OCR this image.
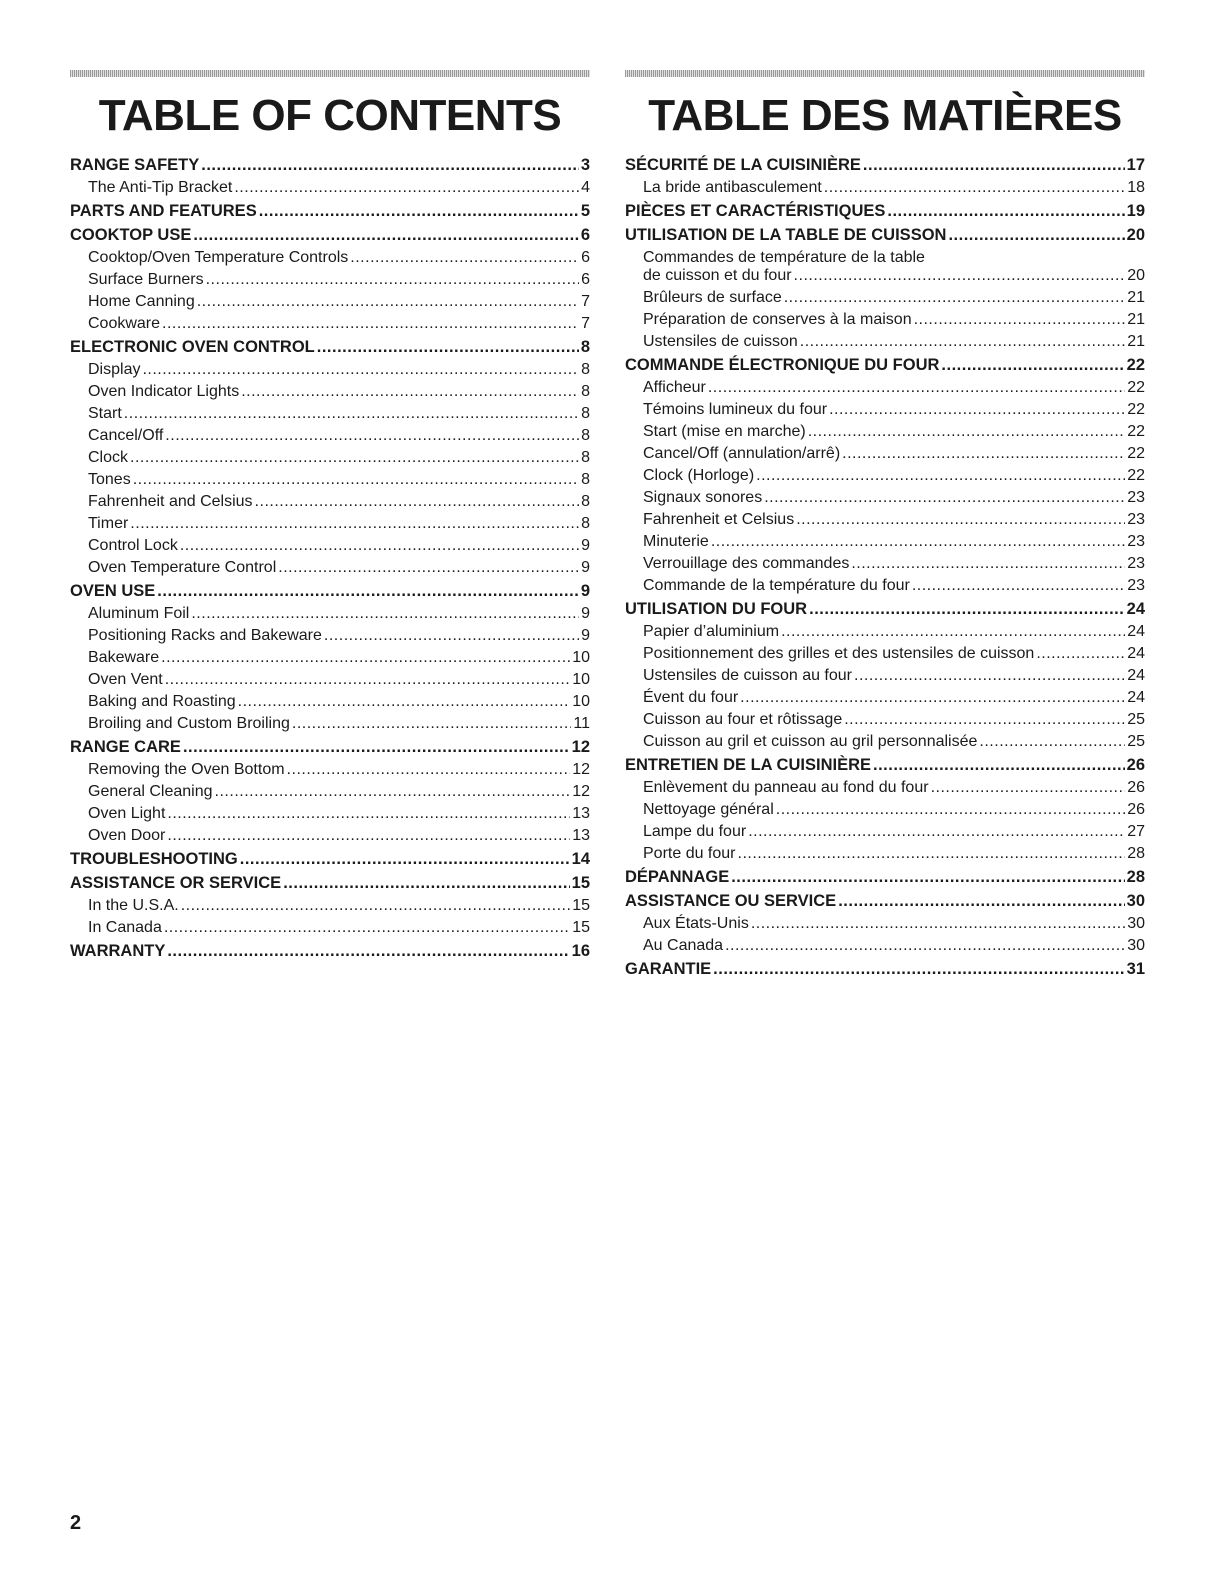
TABLE OF CONTENTS
RANGE SAFETY .....	3
The Anti-Tip Bracket .....	4
PARTS AND FEATURES .....	5
COOKTOP USE .....	6
Cooktop/Oven Temperature Controls .....	6
Surface Burners .....	6
Home Canning .....	7
Cookware .....	7
ELECTRONIC OVEN CONTROL .....	8
Display .....	8
Oven Indicator Lights .....	8
Start .....	8
Cancel/Off .....	8
Clock .....	8
Tones .....	8
Fahrenheit and Celsius .....	8
Timer .....	8
Control Lock .....	9
Oven Temperature Control .....	9
OVEN USE .....	9
Aluminum Foil .....	9
Positioning Racks and Bakeware .....	9
Bakeware .....	10
Oven Vent .....	10
Baking and Roasting .....	10
Broiling and Custom Broiling .....	11
RANGE CARE .....	12
Removing the Oven Bottom .....	12
General Cleaning .....	12
Oven Light .....	13
Oven Door .....	13
TROUBLESHOOTING .....	14
ASSISTANCE OR SERVICE .....	15
In the U.S.A. .....	15
In Canada .....	15
WARRANTY .....	16
TABLE DES MATIÈRES
SÉCURITÉ DE LA CUISINIÈRE .....	17
La bride antibasculement .....	18
PIÈCES ET CARACTÉRISTIQUES .....	19
UTILISATION DE LA TABLE DE CUISSON .....	20
Commandes de température de la table
de cuisson et du four .....	20
Brûleurs de surface .....	21
Préparation de conserves à la maison .....	21
Ustensiles de cuisson .....	21
COMMANDE ÉLECTRONIQUE DU FOUR .....	22
Afficheur .....	22
Témoins lumineux du four .....	22
Start (mise en marche) .....	22
Cancel/Off (annulation/arrê) .....	22
Clock (Horloge) .....	22
Signaux sonores .....	23
Fahrenheit et Celsius .....	23
Minuterie .....	23
Verrouillage des commandes .....	23
Commande de la température du four .....	23
UTILISATION DU FOUR .....	24
Papier d’aluminium .....	24
Positionnement des grilles et des ustensiles de cuisson .....	24
Ustensiles de cuisson au four .....	24
Évent du four .....	24
Cuisson au four et rôtissage .....	25
Cuisson au gril et cuisson au gril personnalisée .....	25
ENTRETIEN DE LA CUISINIÈRE .....	26
Enlèvement du panneau au fond du four .....	26
Nettoyage général .....	26
Lampe du four .....	27
Porte du four .....	28
DÉPANNAGE .....	28
ASSISTANCE OU SERVICE .....	30
Aux États-Unis .....	30
Au Canada .....	30
GARANTIE .....	31
2
